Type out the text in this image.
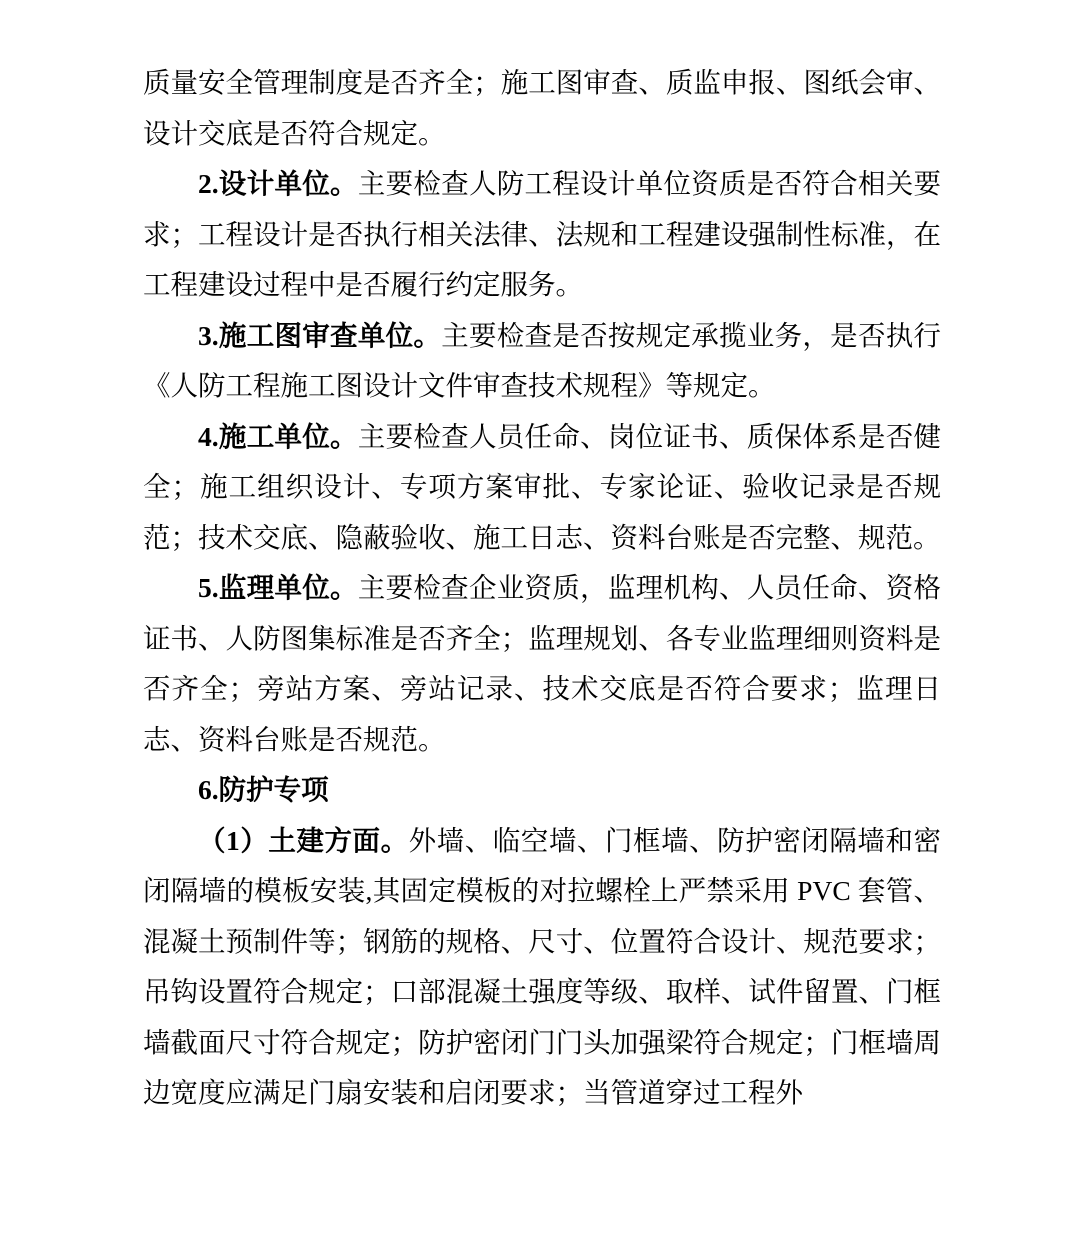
质量安全管理制度是否齐全；施工图审查、质监申报、图纸会审、设计交底是否符合规定。

2.设计单位。主要检查人防工程设计单位资质是否符合相关要求；工程设计是否执行相关法律、法规和工程建设强制性标准，在工程建设过程中是否履行约定服务。

3.施工图审查单位。主要检查是否按规定承揽业务，是否执行《人防工程施工图设计文件审查技术规程》等规定。

4.施工单位。主要检查人员任命、岗位证书、质保体系是否健全；施工组织设计、专项方案审批、专家论证、验收记录是否规范；技术交底、隐蔽验收、施工日志、资料台账是否完整、规范。

5.监理单位。主要检查企业资质，监理机构、人员任命、资格证书、人防图集标准是否齐全；监理规划、各专业监理细则资料是否齐全；旁站方案、旁站记录、技术交底是否符合要求；监理日志、资料台账是否规范。

6.防护专项

（1）土建方面。外墙、临空墙、门框墙、防护密闭隔墙和密闭隔墙的模板安装,其固定模板的对拉螺栓上严禁采用 PVC 套管、混凝土预制件等；钢筋的规格、尺寸、位置符合设计、规范要求；吊钩设置符合规定；口部混凝土强度等级、取样、试件留置、门框墙截面尺寸符合规定；防护密闭门门头加强梁符合规定；门框墙周边宽度应满足门扇安装和启闭要求；当管道穿过工程外
